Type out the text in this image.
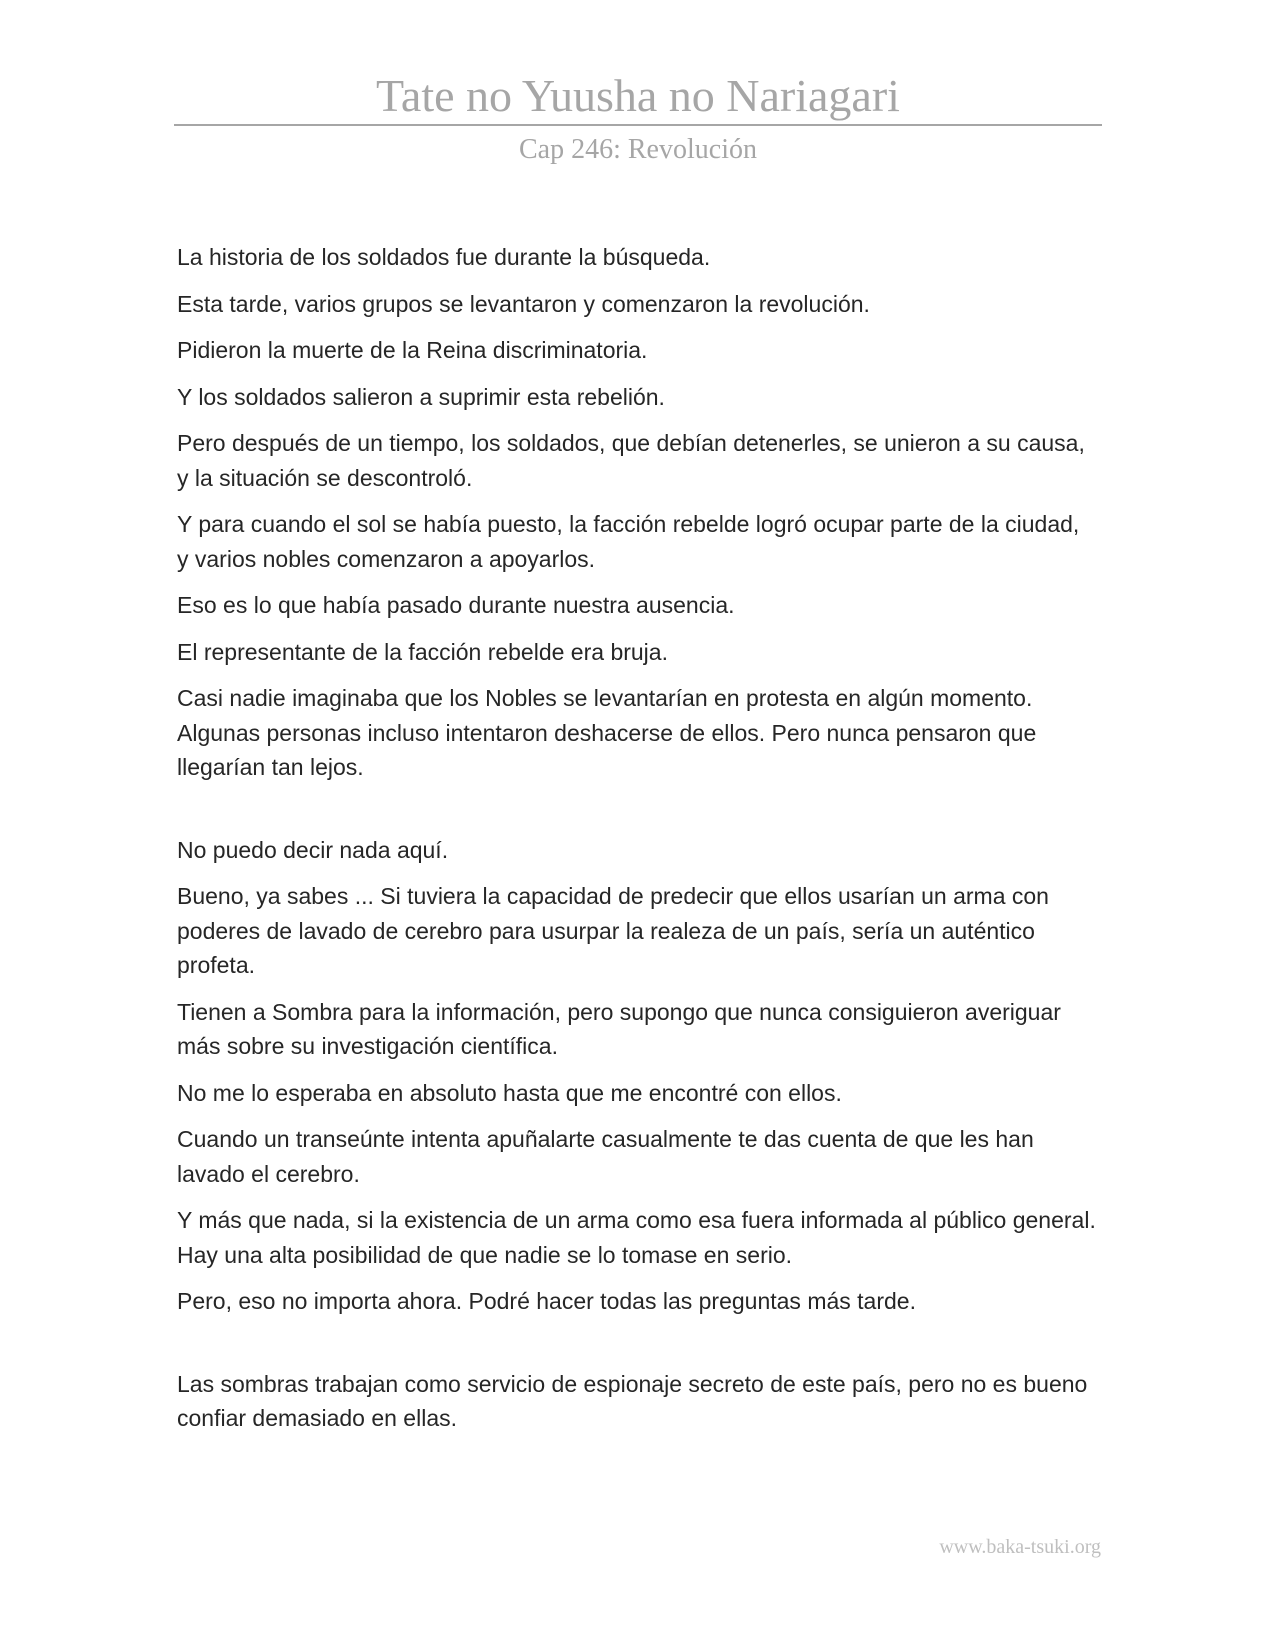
Tate no Yuusha no Nariagari
Cap 246: Revolución

La historia de los soldados fue durante la búsqueda.

Esta tarde, varios grupos se levantaron y comenzaron la revolución.

Pidieron la muerte de la Reina discriminatoria.

Y los soldados salieron a suprimir esta rebelión.

Pero después de un tiempo, los soldados, que debían detenerles, se unieron a su causa, y la situación se descontroló.

Y para cuando el sol se había puesto, la facción rebelde logró ocupar parte de la ciudad, y varios nobles comenzaron a apoyarlos.

Eso es lo que había pasado durante nuestra ausencia.

El representante de la facción rebelde era bruja.

Casi nadie imaginaba que los Nobles se levantarían en protesta en algún momento. Algunas personas incluso intentaron deshacerse de ellos. Pero nunca pensaron que llegarían tan lejos.

No puedo decir nada aquí.

Bueno, ya sabes ... Si tuviera la capacidad de predecir que ellos usarían un arma con poderes de lavado de cerebro para usurpar la realeza de un país, sería un auténtico profeta.

Tienen a Sombra para la información, pero supongo que nunca consiguieron averiguar más sobre su investigación científica.

No me lo esperaba en absoluto hasta que me encontré con ellos.

Cuando un transeúnte intenta apuñalarte casualmente te das cuenta de que les han lavado el cerebro.

Y más que nada, si la existencia de un arma como esa fuera informada al público general. Hay una alta posibilidad de que nadie se lo tomase en serio.

Pero, eso no importa ahora. Podré hacer todas las preguntas más tarde.

Las sombras trabajan como servicio de espionaje secreto de este país, pero no es bueno confiar demasiado en ellas.

www.baka-tsuki.org
